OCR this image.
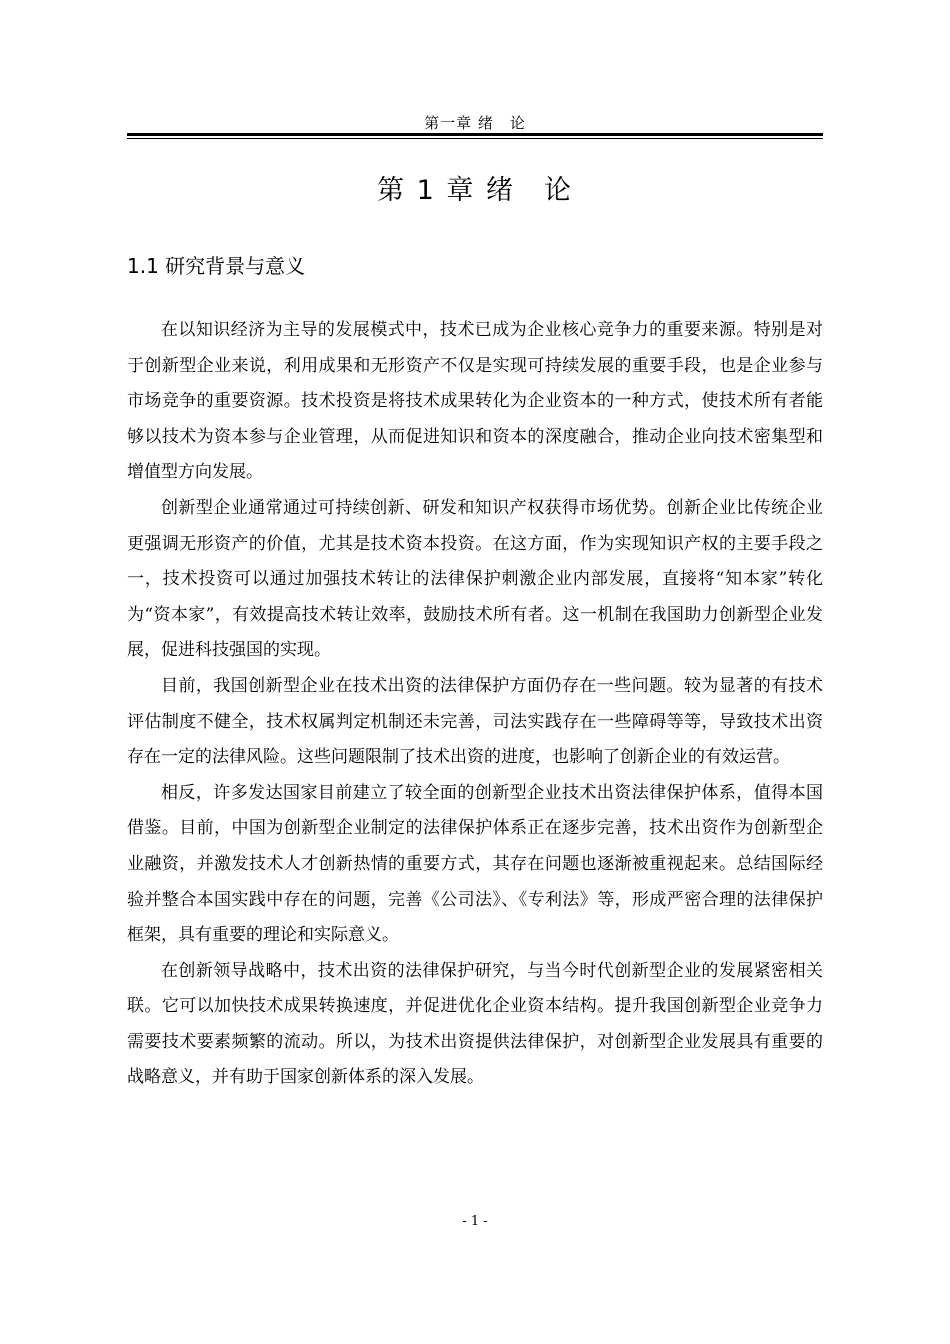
第一章 绪　论
第 1 章 绪　论
1.1 研究背景与意义

在以知识经济为主导的发展模式中，技术已成为企业核心竞争力的重要来源。特别是对于创新型企业来说，利用成果和无形资产不仅是实现可持续发展的重要手段，也是企业参与市场竞争的重要资源。技术投资是将技术成果转化为企业资本的一种方式，使技术所有者能够以技术为资本参与企业管理，从而促进知识和资本的深度融合，推动企业向技术密集型和增值型方向发展。

创新型企业通常通过可持续创新、研发和知识产权获得市场优势。创新企业比传统企业更强调无形资产的价值，尤其是技术资本投资。在这方面，作为实现知识产权的主要手段之一，技术投资可以通过加强技术转让的法律保护刺激企业内部发展，直接将“知本家”转化为“资本家”，有效提高技术转让效率，鼓励技术所有者。这一机制在我国助力创新型企业发展，促进科技强国的实现。

目前，我国创新型企业在技术出资的法律保护方面仍存在一些问题。较为显著的有技术评估制度不健全，技术权属判定机制还未完善，司法实践存在一些障碍等等，导致技术出资存在一定的法律风险。这些问题限制了技术出资的进度，也影响了创新企业的有效运营。

相反，许多发达国家目前建立了较全面的创新型企业技术出资法律保护体系，值得本国借鉴。目前，中国为创新型企业制定的法律保护体系正在逐步完善，技术出资作为创新型企业融资，并激发技术人才创新热情的重要方式，其存在问题也逐渐被重视起来。总结国际经验并整合本国实践中存在的问题，完善《公司法》、《专利法》等，形成严密合理的法律保护框架，具有重要的理论和实际意义。

在创新领导战略中，技术出资的法律保护研究，与当今时代创新型企业的发展紧密相关联。它可以加快技术成果转换速度，并促进优化企业资本结构。提升我国创新型企业竞争力需要技术要素频繁的流动。所以，为技术出资提供法律保护，对创新型企业发展具有重要的战略意义，并有助于国家创新体系的深入发展。

- 1 -
